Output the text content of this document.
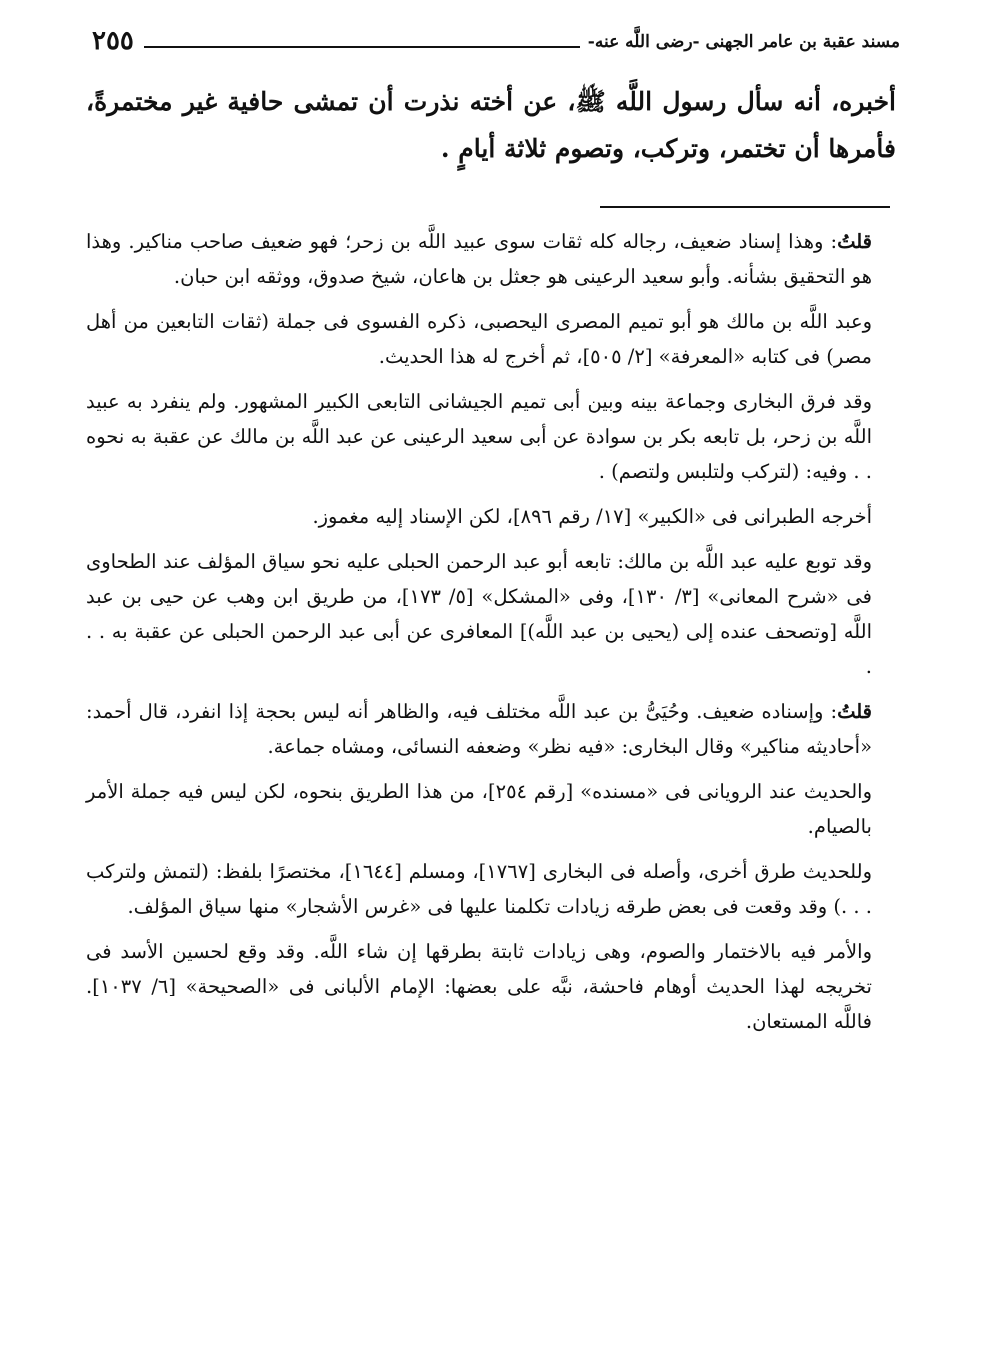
مسند عقبة بن عامر الجهنى -رضى اللَّه عنه-
٢٥٥
أخبره، أنه سأل رسول اللَّه ﷺ، عن أخته نذرت أن تمشى حافية غير مختمرةً، فأمرها أن تختمر، وتركب، وتصوم ثلاثة أيامٍ .

قلتُ: وهذا إسناد ضعيف، رجاله كله ثقات سوى عبيد اللَّه بن زحر؛ فهو ضعيف صاحب مناكير. وهذا هو التحقيق بشأنه. وأبو سعيد الرعينى هو جعثل بن هاعان، شيخ صدوق، ووثقه ابن حبان.

وعبد اللَّه بن مالك هو أبو تميم المصرى اليحصبى، ذكره الفسوى فى جملة (ثقات التابعين من أهل مصر) فى كتابه «المعرفة» [٢/ ٥٠٥]، ثم أخرج له هذا الحديث.

وقد فرق البخارى وجماعة بينه وبين أبى تميم الجيشانى التابعى الكبير المشهور. ولم ينفرد به عبيد اللَّه بن زحر، بل تابعه بكر بن سوادة عن أبى سعيد الرعينى عن عبد اللَّه بن مالك عن عقبة به نحوه . . وفيه: (لتركب ولتلبس ولتصم) .

أخرجه الطبرانى فى «الكبير» [١٧/ رقم ٨٩٦]، لكن الإسناد إليه مغموز.

وقد توبع عليه عبد اللَّه بن مالك: تابعه أبو عبد الرحمن الحبلى عليه نحو سياق المؤلف عند الطحاوى فى «شرح المعانى» [٣/ ١٣٠]، وفى «المشكل» [٥/ ١٧٣]، من طريق ابن وهب عن حيى بن عبد اللَّه [وتصحف عنده إلى (يحيى بن عبد اللَّه)] المعافرى عن أبى عبد الرحمن الحبلى عن عقبة به . . .

قلتُ: وإسناده ضعيف. وحُيَىُّ بن عبد اللَّه مختلف فيه، والظاهر أنه ليس بحجة إذا انفرد، قال أحمد: «أحاديثه مناكير» وقال البخارى: «فيه نظر» وضعفه النسائى، ومشاه جماعة.

والحديث عند الرويانى فى «مسنده» [رقم ٢٥٤]، من هذا الطريق بنحوه، لكن ليس فيه جملة الأمر بالصيام.

وللحديث طرق أخرى، وأصله فى البخارى [١٧٦٧]، ومسلم [١٦٤٤]، مختصرًا بلفظ: (لتمش ولتركب . . .) وقد وقعت فى بعض طرقه زيادات تكلمنا عليها فى «غرس الأشجار» منها سياق المؤلف.

والأمر فيه بالاختمار والصوم، وهى زيادات ثابتة بطرقها إن شاء اللَّه. وقد وقع لحسين الأسد فى تخريجه لهذا الحديث أوهام فاحشة، نبَّه على بعضها: الإمام الألبانى فى «الصحيحة» [٦/ ١٠٣٧]. فاللَّه المستعان.
